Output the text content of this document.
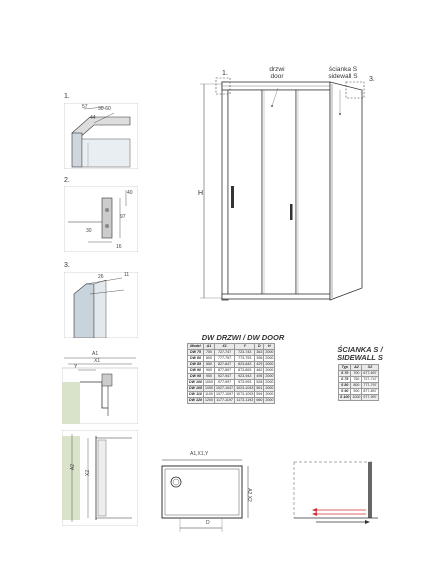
H
1.
3.
drzwi
door
ścianka S
sidewall S
1.
57 30-60
44
2.
40
97
30
16
3.
26	11
A1
X1
Y
A2
X2
DW DRZWI / DW DOOR
Model	A1	X1	Y	D	H
DW 75	750	727-747	723-743	363	2000
DW 80	800	777-797	773-793	396	2000
DW 85	850	827-847	823-843	429	2000
DW 90	900	877-897	873-893	462	2000
DW 95	950	927-947	923-943	495	2000
DW 100	1000	977-997	973-993	528	2000
DW 105	1050	1027-1047	1023-1043	561	2000
DW 110	1100	1077-1097	1073-1093	594	2000
DW 120	1200	1177-1197	1173-1193	660	2000
ŚCIANKA S /
SIDEWALL S
Typ	A2	X2
S 70	700	677-697
S 75	750	727-747
S 80	800	777-797
S 90	900	877-897
S 100	1000	977-997
A1,X1,Y
A2,X2
D
